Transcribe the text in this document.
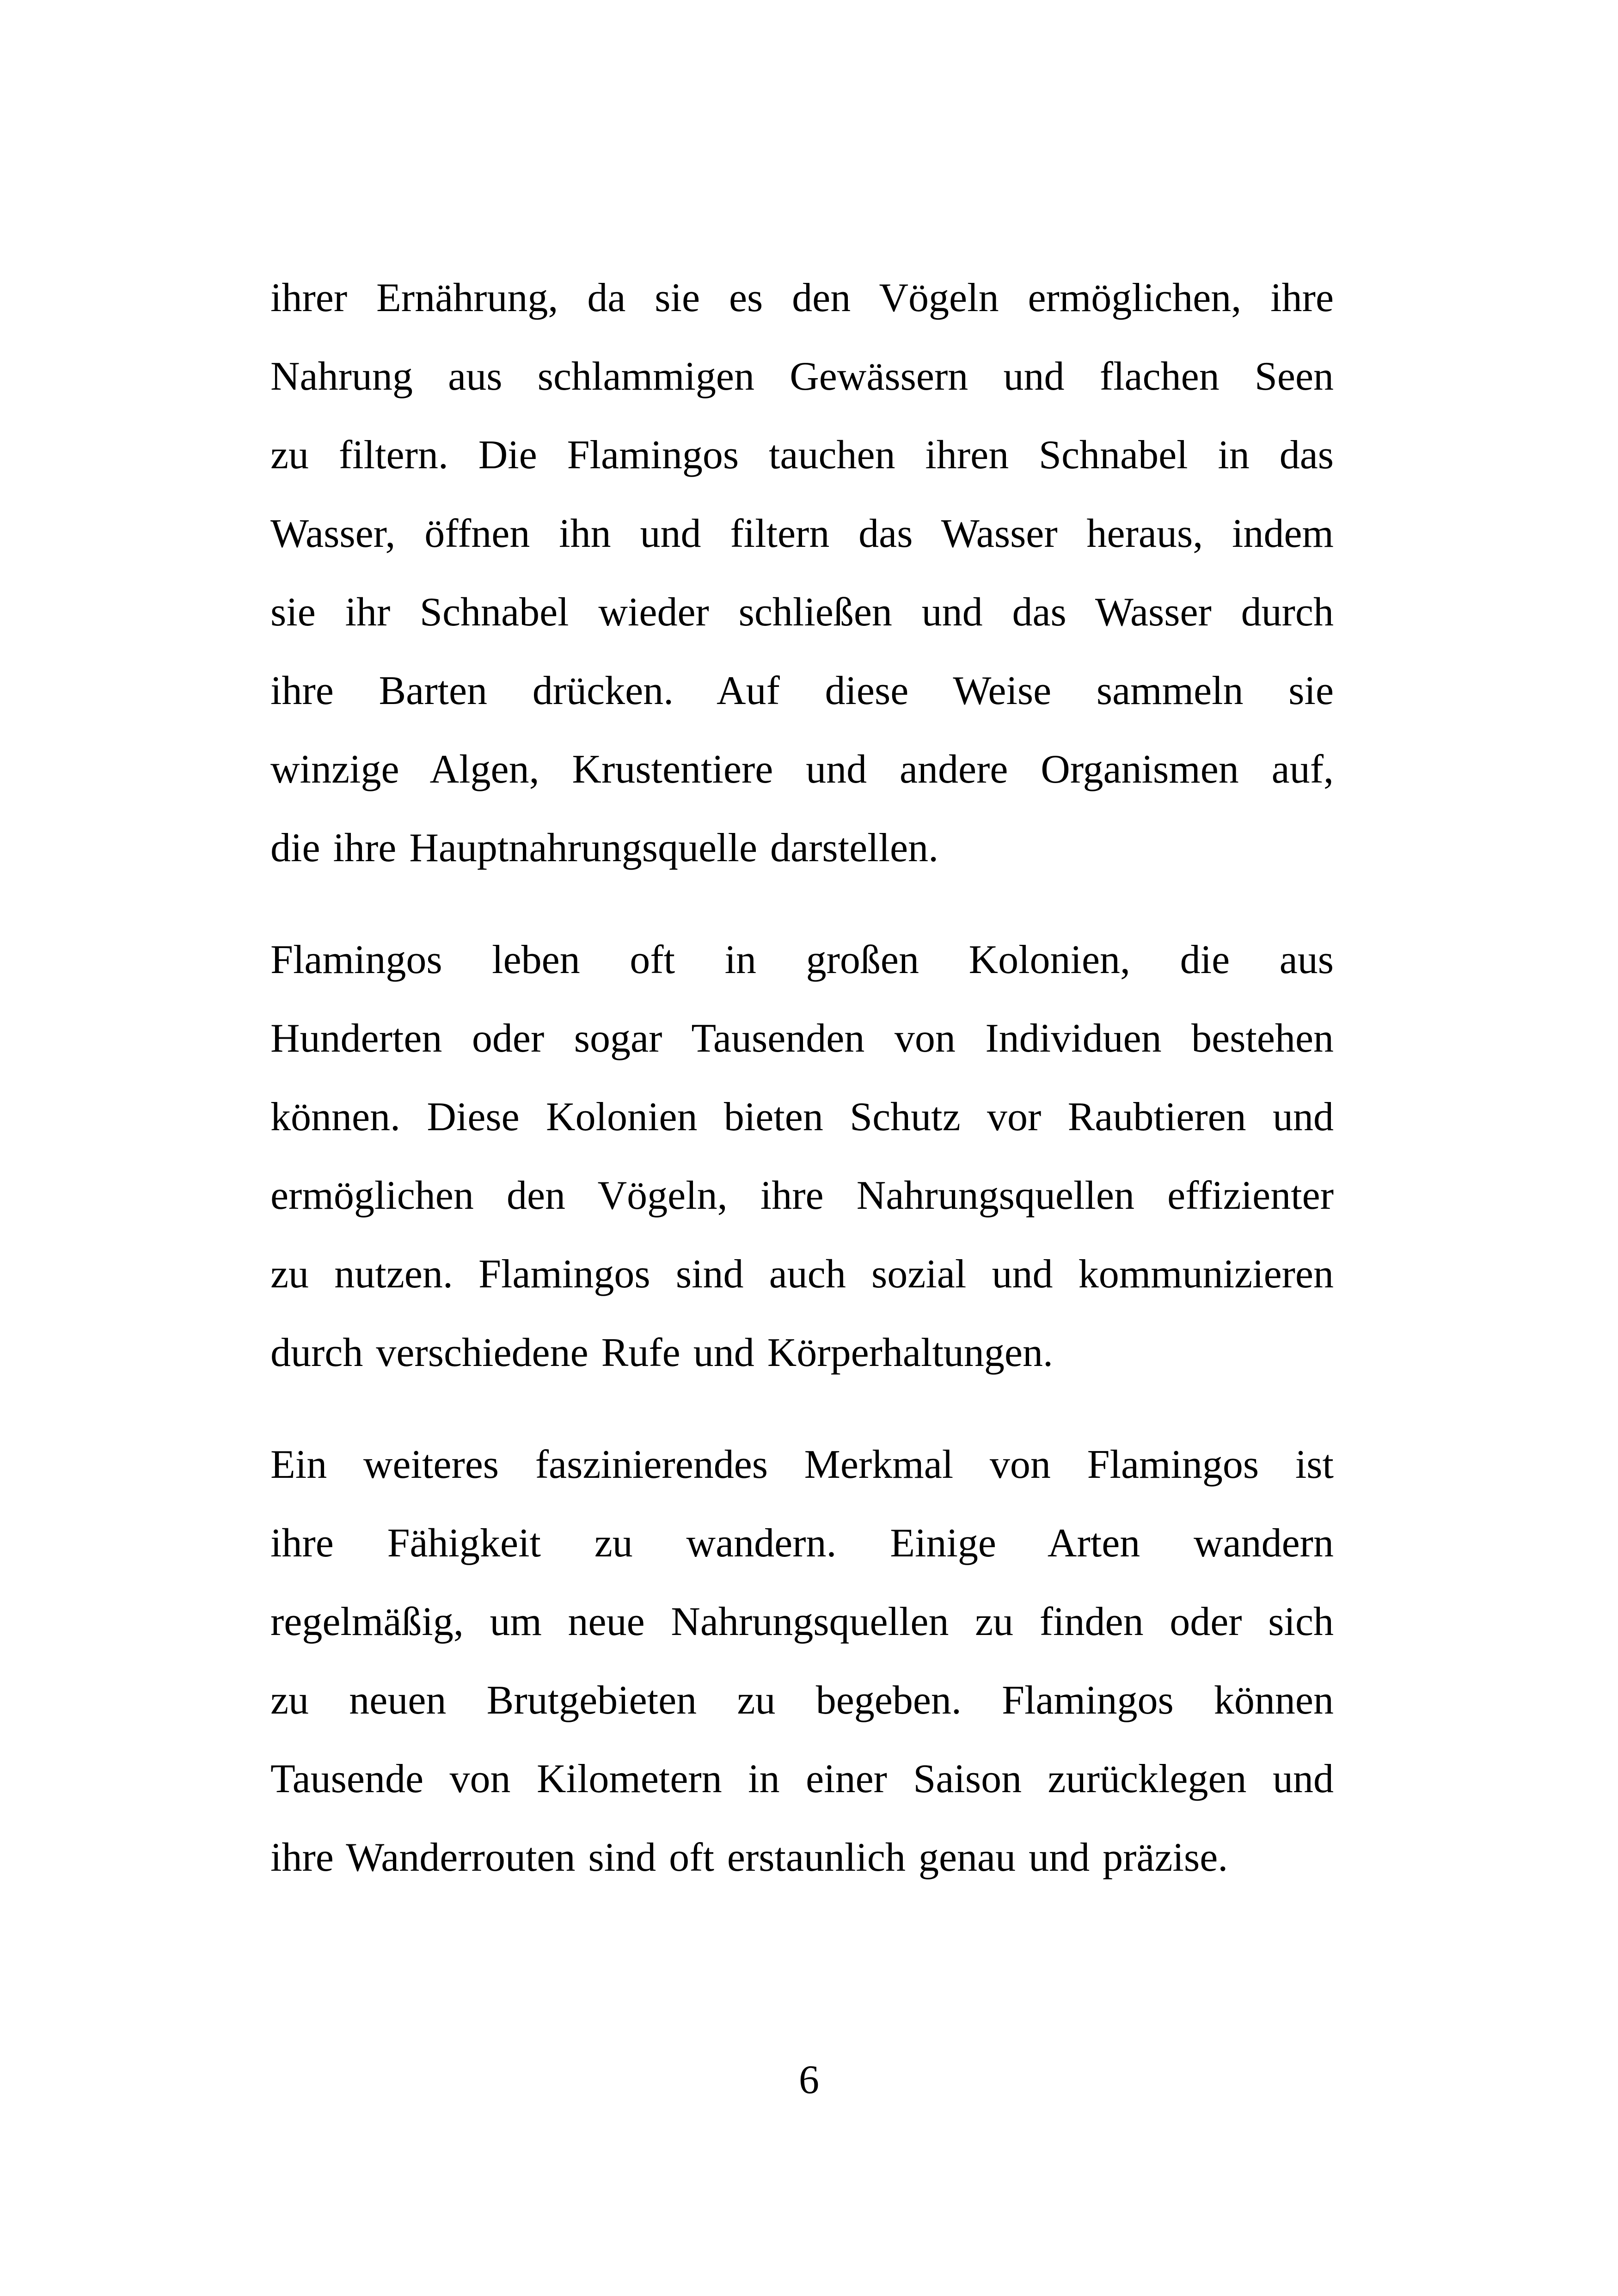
ihrer Ernährung, da sie es den Vögeln ermöglichen, ihre
Nahrung aus schlammigen Gewässern und flachen Seen
zu filtern. Die Flamingos tauchen ihren Schnabel in das
Wasser, öffnen ihn und filtern das Wasser heraus, indem
sie ihr Schnabel wieder schließen und das Wasser durch
ihre Barten drücken. Auf diese Weise sammeln sie
winzige Algen, Krustentiere und andere Organismen auf,
die ihre Hauptnahrungsquelle darstellen.
Flamingos leben oft in großen Kolonien, die aus
Hunderten oder sogar Tausenden von Individuen bestehen
können. Diese Kolonien bieten Schutz vor Raubtieren und
ermöglichen den Vögeln, ihre Nahrungsquellen effizienter
zu nutzen. Flamingos sind auch sozial und kommunizieren
durch verschiedene Rufe und Körperhaltungen.
Ein weiteres faszinierendes Merkmal von Flamingos ist
ihre Fähigkeit zu wandern. Einige Arten wandern
regelmäßig, um neue Nahrungsquellen zu finden oder sich
zu neuen Brutgebieten zu begeben. Flamingos können
Tausende von Kilometern in einer Saison zurücklegen und
ihre Wanderrouten sind oft erstaunlich genau und präzise.
6
